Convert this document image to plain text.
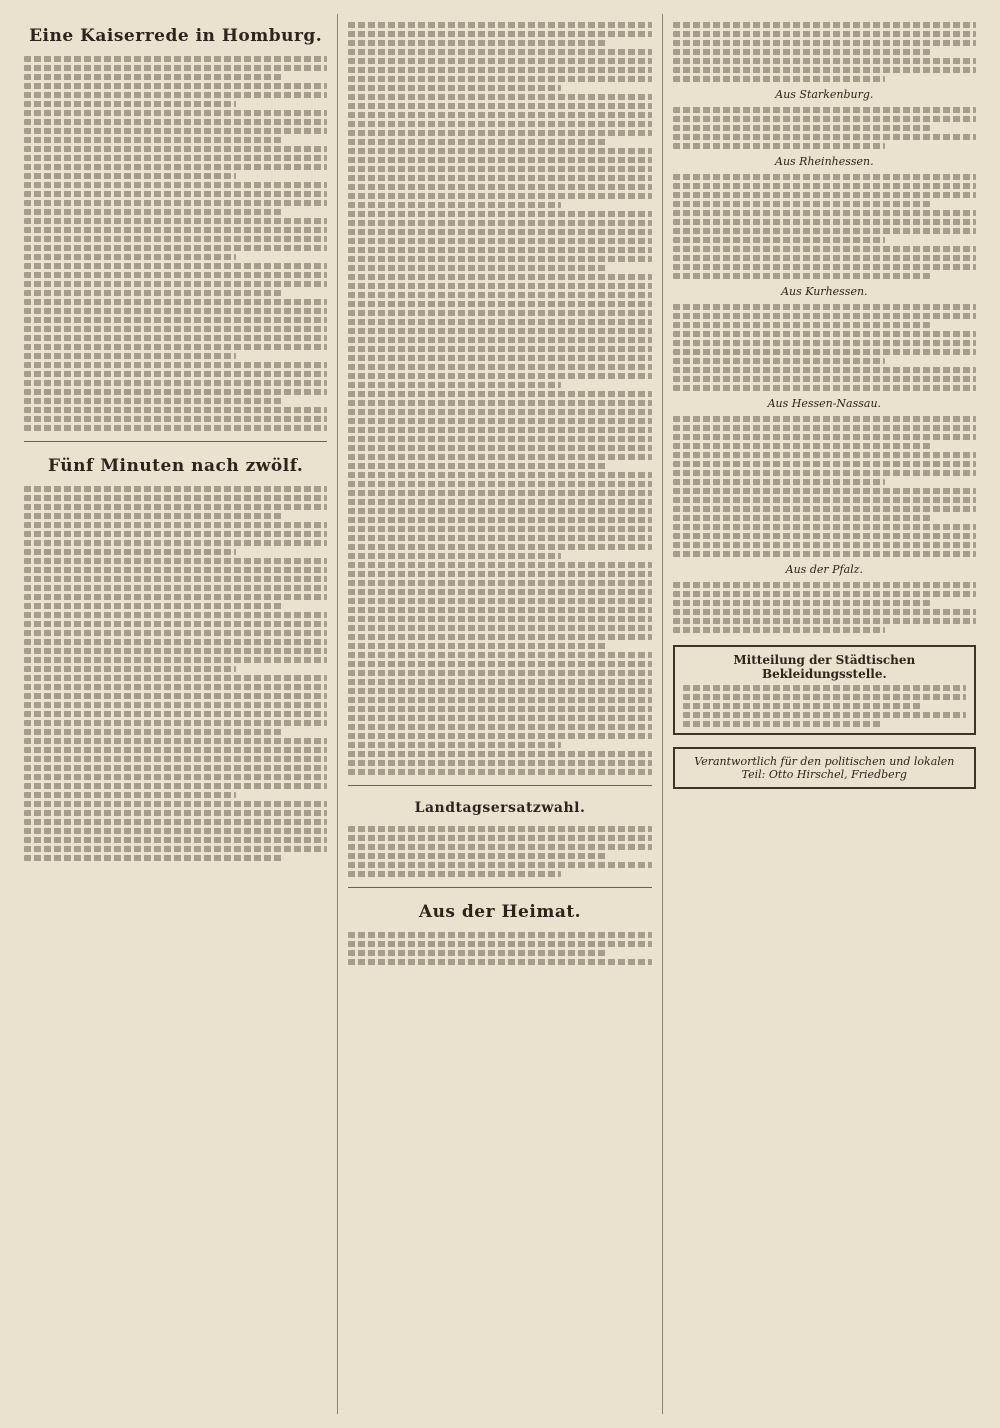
Eine Kaiserrede in Homburg.
Fünf Minuten nach zwölf.
Landtagsersatzwahl.
Aus der Heimat.
Aus Starkenburg.
Aus Rheinhessen.
Aus Kurhessen.
Aus Hessen-Nassau.
Aus der Pfalz.
Mitteilung der Städtischen Bekleidungsstelle.
Verantwortlich für den politischen und lokalen Teil: Otto Hirschel, Friedberg
